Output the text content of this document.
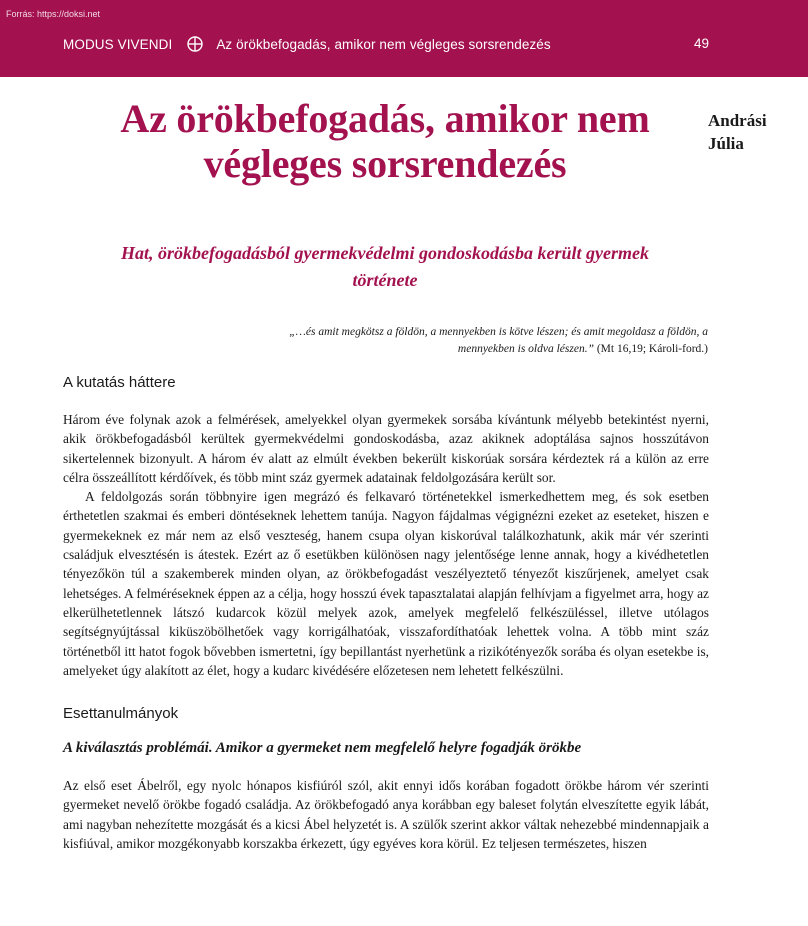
Forrás: https://doksi.net
MODUS VIVENDI	Az örökbefogadás, amikor nem végleges sorsrendezés	49
Az örökbefogadás, amikor nem végleges sorsrendezés
Andrási
Júlia
Hat, örökbefogadásból gyermekvédelmi gondoskodásba került gyermek története
„…és amit megkötsz a földön, a mennyekben is kötve lészen; és amit megoldasz a földön, a mennyekben is oldva lészen.” (Mt 16,19; Károli-ford.)
A kutatás háttere

Három éve folynak azok a felmérések, amelyekkel olyan gyermekek sorsába kívántunk mélyebb betekintést nyerni, akik örökbefogadásból kerültek gyermekvédelmi gondoskodásba, azaz akiknek adoptálása sajnos hosszútávon sikertelennek bizonyult. A három év alatt az elmúlt években bekerült kiskorúak sorsára kérdeztek rá a külön az erre célra összeállított kérdőívek, és több mint száz gyermek adatainak feldolgozására került sor.

A feldolgozás során többnyire igen megrázó és felkavaró történetekkel ismerkedhettem meg, és sok esetben érthetetlen szakmai és emberi döntéseknek lehettem tanúja. Nagyon fájdalmas végignézni ezeket az eseteket, hiszen e gyermekeknek ez már nem az első veszteség, hanem csupa olyan kiskorúval találkozhatunk, akik már vér szerinti családjuk elvesztésén is átestek. Ezért az ő esetükben különösen nagy jelentősége lenne annak, hogy a kivédhetetlen tényezőkön túl a szakemberek minden olyan, az örökbefogadást veszélyeztető tényezőt kiszűrjenek, amelyet csak lehetséges. A felméréseknek éppen az a célja, hogy hosszú évek tapasztalatai alapján felhívjam a figyelmet arra, hogy az elkerülhetetlennek látszó kudarcok közül melyek azok, amelyek megfelelő felkészüléssel, illetve utólagos segítségnyújtással kiküszöbölhetőek vagy korrigálhatóak, visszafordíthatóak lehettek volna. A több mint száz történetből itt hatot fogok bővebben ismertetni, így bepillantást nyerhetünk a rizikótényezők sorába és olyan esetekbe is, amelyeket úgy alakított az élet, hogy a kudarc kivédésére előzetesen nem lehetett felkészülni.

Esettanulmányok
A kiválasztás problémái. Amikor a gyermeket nem megfelelő helyre fogadják örökbe

Az első eset Ábelről, egy nyolc hónapos kisfiúról szól, akit ennyi idős korában fogadott örökbe három vér szerinti gyermeket nevelő örökbe fogadó családja. Az örökbefogadó anya korábban egy baleset folytán elveszítette egyik lábát, ami nagyban nehezítette mozgását és a kicsi Ábel helyzetét is. A szülők szerint akkor váltak nehezebbé mindennapjaik a kisfiúval, amikor mozgékonyabb korszakba érkezett, úgy egyéves kora körül. Ez teljesen természetes, hiszen
